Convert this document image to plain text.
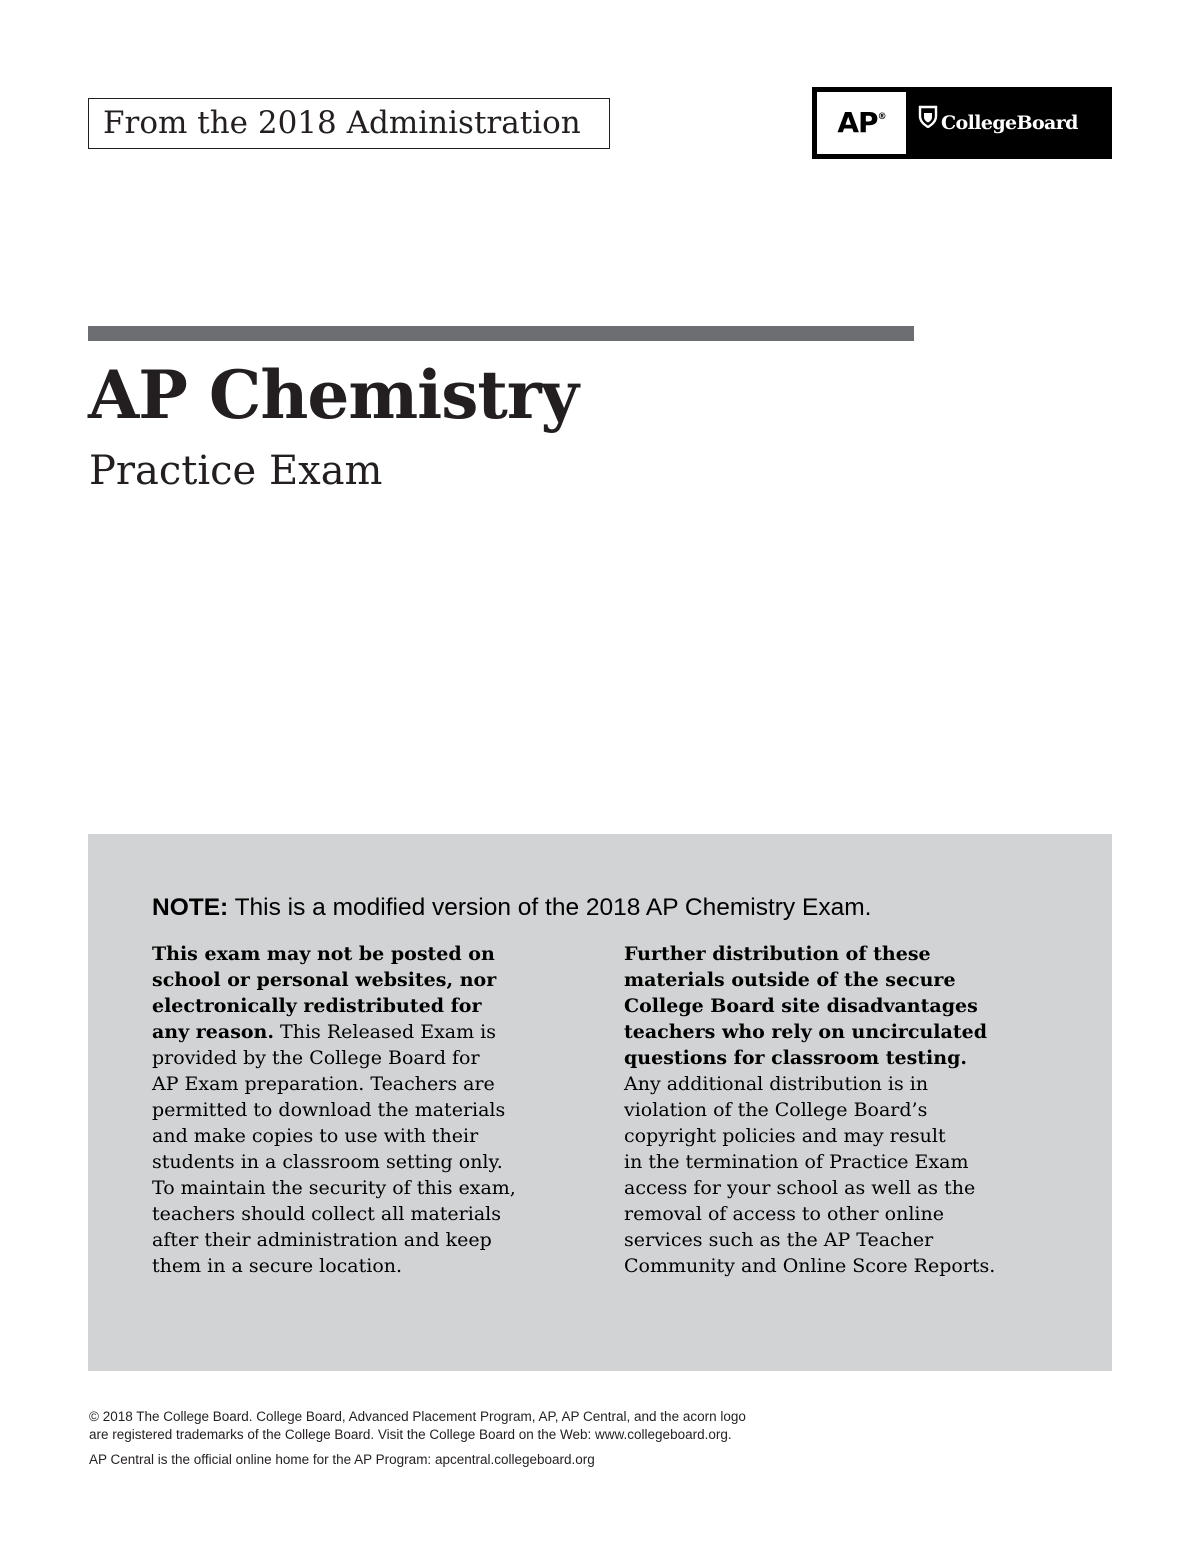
From the 2018 Administration	AP®	CollegeBoard
AP Chemistry
Practice Exam
NOTE: This is a modified version of the 2018 AP Chemistry Exam.
This exam may not be posted on
school or personal websites, nor
electronically redistributed for
any reason. This Released Exam is
provided by the College Board for
AP Exam preparation. Teachers are
permitted to download the materials
and make copies to use with their
students in a classroom setting only.
To maintain the security of this exam,
teachers should collect all materials
after their administration and keep
them in a secure location.
Further distribution of these
materials outside of the secure
College Board site disadvantages
teachers who rely on uncirculated
questions for classroom testing.
Any additional distribution is in
violation of the College Board’s
copyright policies and may result
in the termination of Practice Exam
access for your school as well as the
removal of access to other online
services such as the AP Teacher
Community and Online Score Reports.
© 2018 The College Board. College Board, Advanced Placement Program, AP, AP Central, and the acorn logo
are registered trademarks of the College Board. Visit the College Board on the Web: www.collegeboard.org.
AP Central is the official online home for the AP Program: apcentral.collegeboard.org
